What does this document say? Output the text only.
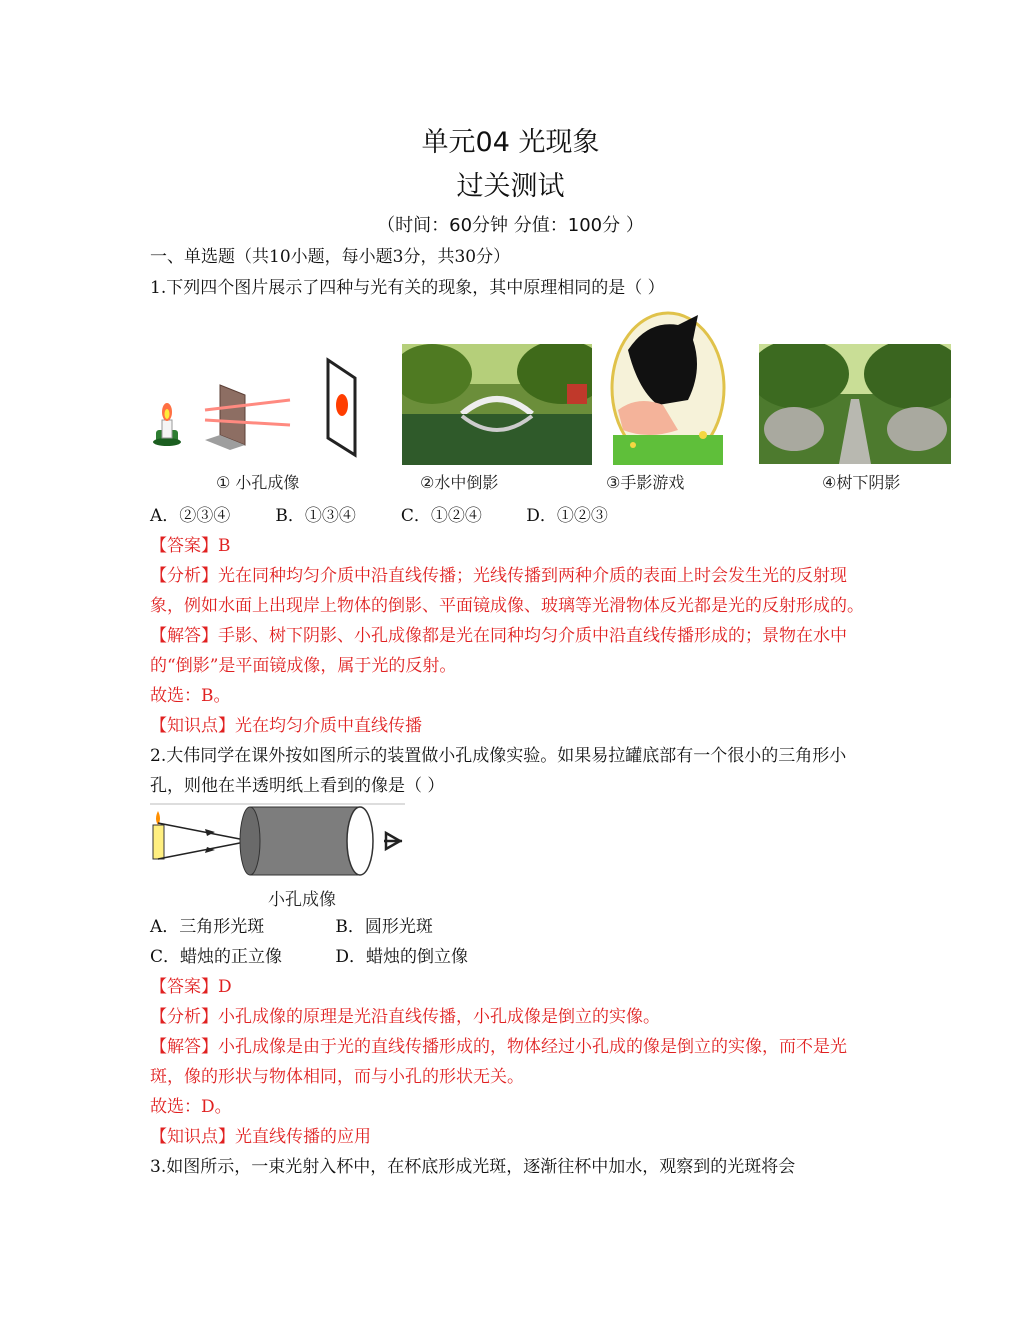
单元04 光现象
过关测试
（时间：60分钟 分值：100分 ）
一、单选题（共10小题，每小题3分，共30分）
1.下列四个图片展示了四种与光有关的现象，其中原理相同的是（ ）
① 小孔成像	②水中倒影	③手影游戏	④树下阴影
A．②③④	B．①③④	C．①②④	D．①②③
【答案】B
【分析】光在同种均匀介质中沿直线传播；光线传播到两种介质的表面上时会发生光的反射现
象，例如水面上出现岸上物体的倒影、平面镜成像、玻璃等光滑物体反光都是光的反射形成的。
【解答】手影、树下阴影、小孔成像都是光在同种均匀介质中沿直线传播形成的；景物在水中
的“倒影”是平面镜成像，属于光的反射。
故选：B。
【知识点】光在均匀介质中直线传播
2.大伟同学在课外按如图所示的装置做小孔成像实验。如果易拉罐底部有一个很小的三角形小
孔，则他在半透明纸上看到的像是（ ）
小孔成像
A．三角形光斑	B．圆形光斑
C．蜡烛的正立像	D．蜡烛的倒立像
【答案】D
【分析】小孔成像的原理是光沿直线传播，小孔成像是倒立的实像。
【解答】小孔成像是由于光的直线传播形成的，物体经过小孔成的像是倒立的实像，而不是光
斑，像的形状与物体相同，而与小孔的形状无关。
故选：D。
【知识点】光直线传播的应用
3.如图所示，一束光射入杯中，在杯底形成光斑，逐渐往杯中加水，观察到的光斑将会
